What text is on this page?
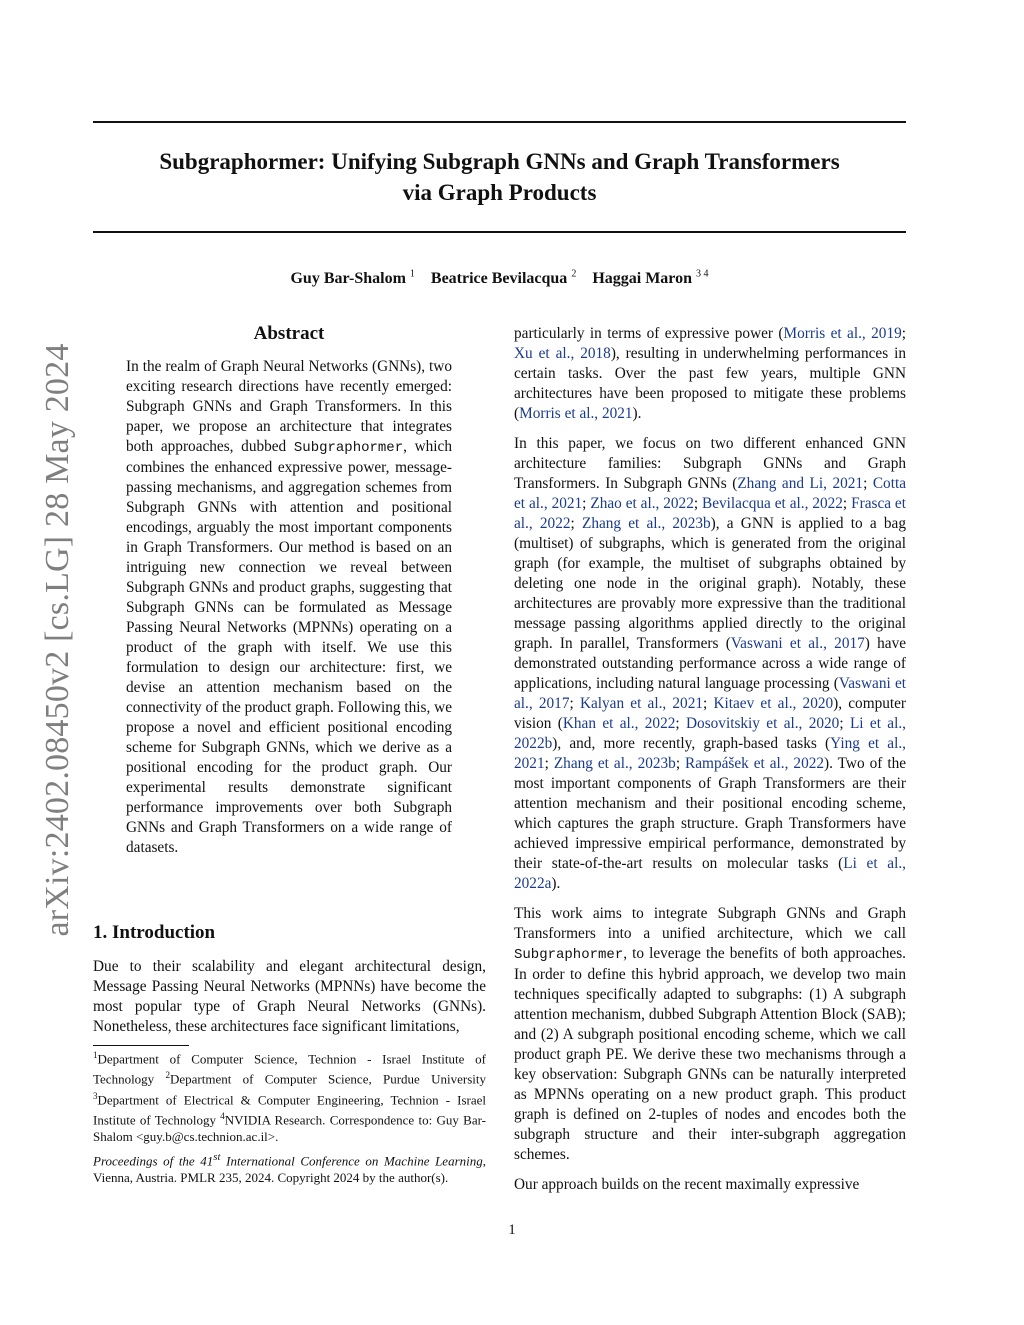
arXiv:2402.08450v2 [cs.LG] 28 May 2024
Subgraphormer: Unifying Subgraph GNNs and Graph Transformers
via Graph Products
Guy Bar-Shalom $^1$ Beatrice Bevilacqua $^2$ Haggai Maron $^{3 4}$
Abstract
In the realm of Graph Neural Networks (GNNs), two exciting research directions have recently emerged: Subgraph GNNs and Graph Transformers. In this paper, we propose an architecture that integrates both approaches, dubbed Subgraphormer, which combines the enhanced expressive power, message-passing mechanisms, and aggregation schemes from Subgraph GNNs with attention and positional encodings, arguably the most important components in Graph Transformers. Our method is based on an intriguing new connection we reveal between Subgraph GNNs and product graphs, suggesting that Subgraph GNNs can be formulated as Message Passing Neural Networks (MPNNs) operating on a product of the graph with itself. We use this formulation to design our architecture: first, we devise an attention mechanism based on the connectivity of the product graph. Following this, we propose a novel and efficient positional encoding scheme for Subgraph GNNs, which we derive as a positional encoding for the product graph. Our experimental results demonstrate significant performance improvements over both Subgraph GNNs and Graph Transformers on a wide range of datasets.
1. Introduction
Due to their scalability and elegant architectural design, Message Passing Neural Networks (MPNNs) have become the most popular type of Graph Neural Networks (GNNs). Nonetheless, these architectures face significant limitations,
$^1$Department of Computer Science, Technion - Israel Institute of Technology $^2$Department of Computer Science, Purdue University $^3$Department of Electrical & Computer Engineering, Technion - Israel Institute of Technology $^4$NVIDIA Research. Correspondence to: Guy Bar-Shalom <guy.b@cs.technion.ac.il>.
Proceedings of the 41st International Conference on Machine Learning, Vienna, Austria. PMLR 235, 2024. Copyright 2024 by the author(s).

particularly in terms of expressive power (Morris et al., 2019; Xu et al., 2018), resulting in underwhelming performances in certain tasks. Over the past few years, multiple GNN architectures have been proposed to mitigate these problems (Morris et al., 2021).

In this paper, we focus on two different enhanced GNN architecture families: Subgraph GNNs and Graph Transformers. In Subgraph GNNs (Zhang and Li, 2021; Cotta et al., 2021; Zhao et al., 2022; Bevilacqua et al., 2022; Frasca et al., 2022; Zhang et al., 2023b), a GNN is applied to a bag (multiset) of subgraphs, which is generated from the original graph (for example, the multiset of subgraphs obtained by deleting one node in the original graph). Notably, these architectures are provably more expressive than the traditional message passing algorithms applied directly to the original graph. In parallel, Transformers (Vaswani et al., 2017) have demonstrated outstanding performance across a wide range of applications, including natural language processing (Vaswani et al., 2017; Kalyan et al., 2021; Kitaev et al., 2020), computer vision (Khan et al., 2022; Dosovitskiy et al., 2020; Li et al., 2022b), and, more recently, graph-based tasks (Ying et al., 2021; Zhang et al., 2023b; Rampášek et al., 2022). Two of the most important components of Graph Transformers are their attention mechanism and their positional encoding scheme, which captures the graph structure. Graph Transformers have achieved impressive empirical performance, demonstrated by their state-of-the-art results on molecular tasks (Li et al., 2022a).

This work aims to integrate Subgraph GNNs and Graph Transformers into a unified architecture, which we call Subgraphormer, to leverage the benefits of both approaches. In order to define this hybrid approach, we develop two main techniques specifically adapted to subgraphs: (1) A subgraph attention mechanism, dubbed Subgraph Attention Block (SAB); and (2) A subgraph positional encoding scheme, which we call product graph PE. We derive these two mechanisms through a key observation: Subgraph GNNs can be naturally interpreted as MPNNs operating on a new product graph. This product graph is defined on 2-tuples of nodes and encodes both the subgraph structure and their inter-subgraph aggregation schemes.

Our approach builds on the recent maximally expressive

1
